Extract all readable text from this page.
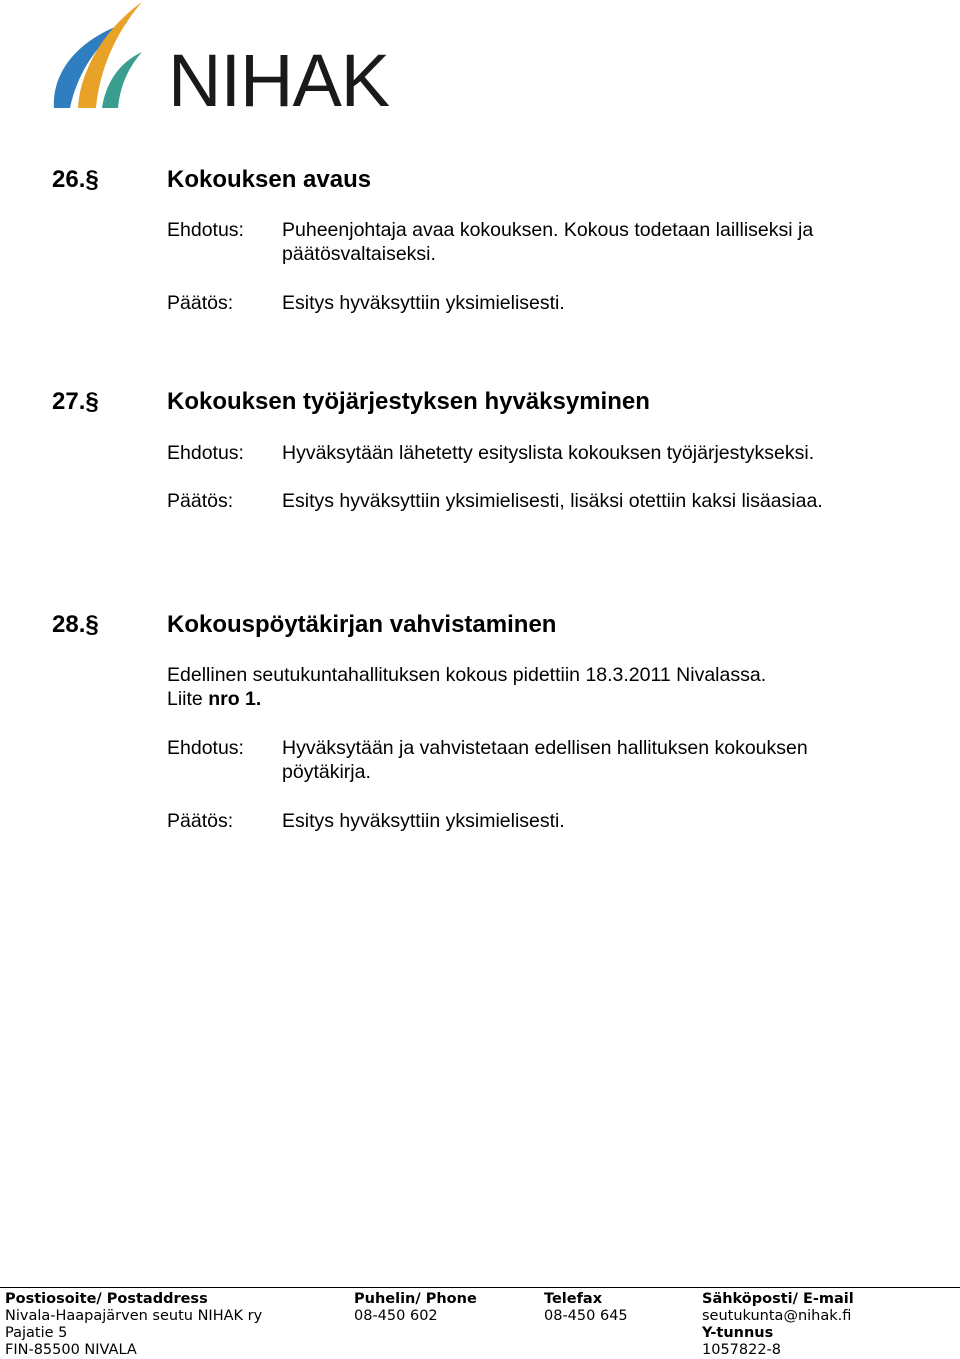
NIHAK
26.§	Kokouksen avaus
Ehdotus: Puheenjohtaja avaa kokouksen. Kokous todetaan lailliseksi ja
päätösvaltaiseksi.
Päätös:	Esitys hyväksyttiin yksimielisesti.
27.§	Kokouksen työjärjestyksen hyväksyminen
Ehdotus: Hyväksytään lähetetty esityslista kokouksen työjärjestykseksi.
Päätös:	Esitys hyväksyttiin yksimielisesti, lisäksi otettiin kaksi lisäasiaa.
28.§	Kokouspöytäkirjan vahvistaminen
Edellinen seutukuntahallituksen kokous pidettiin 18.3.2011 Nivalassa.
Liite nro 1.
Ehdotus: Hyväksytään ja vahvistetaan edellisen hallituksen kokouksen
pöytäkirja.
Päätös:	Esitys hyväksyttiin yksimielisesti.
Postiosoite/ Postaddress
Nivala-Haapajärven seutu NIHAK ry
Pajatie 5
FIN-85500 NIVALA
Puhelin/ Phone
08-450 602
Telefax
08-450 645
Sähköposti/ E-mail
seutukunta@nihak.fi
Y-tunnus
1057822-8
